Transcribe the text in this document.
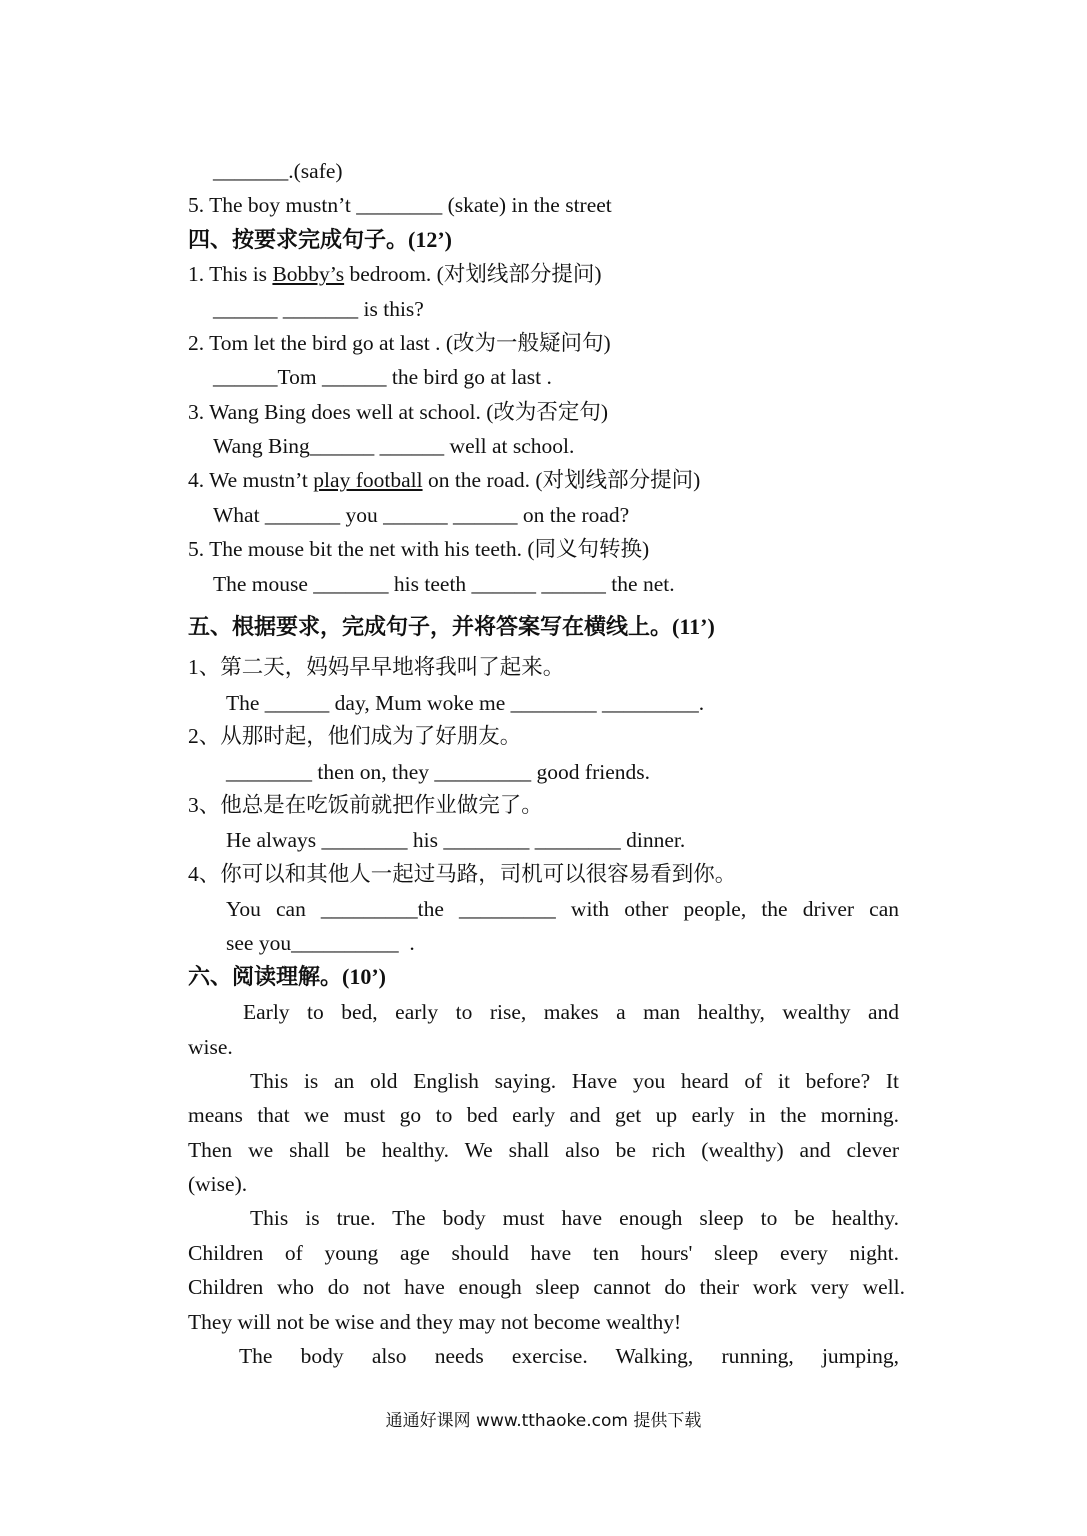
_______.(safe)
5. The boy mustn’t ________ (skate) in the street
四、按要求完成句子。(12’)
1. This is Bobby’s bedroom. (对划线部分提问)
______ _______ is this?
2. Tom let the bird go at last . (改为一般疑问句)
______Tom ______ the bird go at last .
3. Wang Bing does well at school. (改为否定句)
Wang Bing______ ______ well at school.
4. We mustn’t play football on the road. (对划线部分提问)
What _______ you ______ ______ on the road?
5. The mouse bit the net with his teeth. (同义句转换)
The mouse _______ his teeth ______ ______ the net.
五、根据要求，完成句子，并将答案写在横线上。(11’)
1、第二天，妈妈早早地将我叫了起来。
The ______ day, Mum woke me ________ _________.
2、从那时起，他们成为了好朋友。
________ then on, they _________ good friends.
3、他总是在吃饭前就把作业做完了。
He always ________ his ________ ________ dinner.
4、你可以和其他人一起过马路，司机可以很容易看到你。
You can _________the _________ with other people, the driver can
see you__________  .
六、阅读理解。(10’)
Early to bed, early to rise, makes a man healthy, wealthy and
wise.
This is an old English saying. Have you heard of it before? It
means that we must go to bed early and get up early in the morning.
Then we shall be healthy. We shall also be rich (wealthy) and clever
(wise).
This is true. The body must have enough sleep to be healthy.
Children of young age should have ten hours' sleep every night.
Children who do not have enough sleep cannot do their work very well.
They will not be wise and they may not become wealthy!
The body also needs exercise. Walking, running, jumping,
通通好课网 www.tthaoke.com 提供下载
